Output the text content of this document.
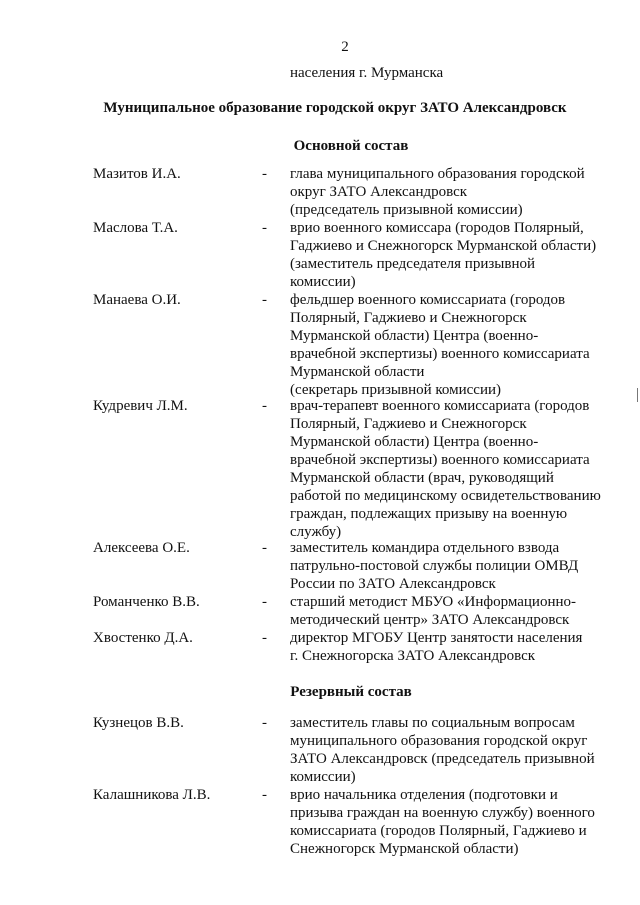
2
населения г. Мурманска
Муниципальное образование городской округ ЗАТО Александровск
Основной состав
Мазитов И.А.	- глава муниципального образования городской
округ ЗАТО Александровск
(председатель призывной комиссии)
Маслова Т.А.	- врио военного комиссара (городов Полярный,
Гаджиево и Снежногорск Мурманской области)
(заместитель председателя призывной
комиссии)
Манаева О.И.	- фельдшер военного комиссариата (городов
Полярный, Гаджиево и Снежногорск
Мурманской области) Центра (военно-
врачебной экспертизы) военного комиссариата
Мурманской области
(секретарь призывной комиссии)
Кудревич Л.М.	- врач-терапевт военного комиссариата (городов
Полярный, Гаджиево и Снежногорск
Мурманской области) Центра (военно-
врачебной экспертизы) военного комиссариата
Мурманской области (врач, руководящий
работой по медицинскому освидетельствованию
граждан, подлежащих призыву на военную
службу)
Алексеева О.Е.	- заместитель командира отдельного взвода
патрульно-постовой службы полиции ОМВД
России по ЗАТО Александровск
Романченко В.В.	- старший методист МБУО «Информационно-
методический центр» ЗАТО Александровск
Хвостенко Д.А.	- директор МГОБУ Центр занятости населения
г. Снежногорска ЗАТО Александровск
Резервный состав
Кузнецов В.В.	- заместитель главы по социальным вопросам
муниципального образования городской округ
ЗАТО Александровск (председатель призывной
комиссии)
Калашникова Л.В.	- врио начальника отделения (подготовки и
призыва граждан на военную службу) военного
комиссариата (городов Полярный, Гаджиево и
Снежногорск Мурманской области)
